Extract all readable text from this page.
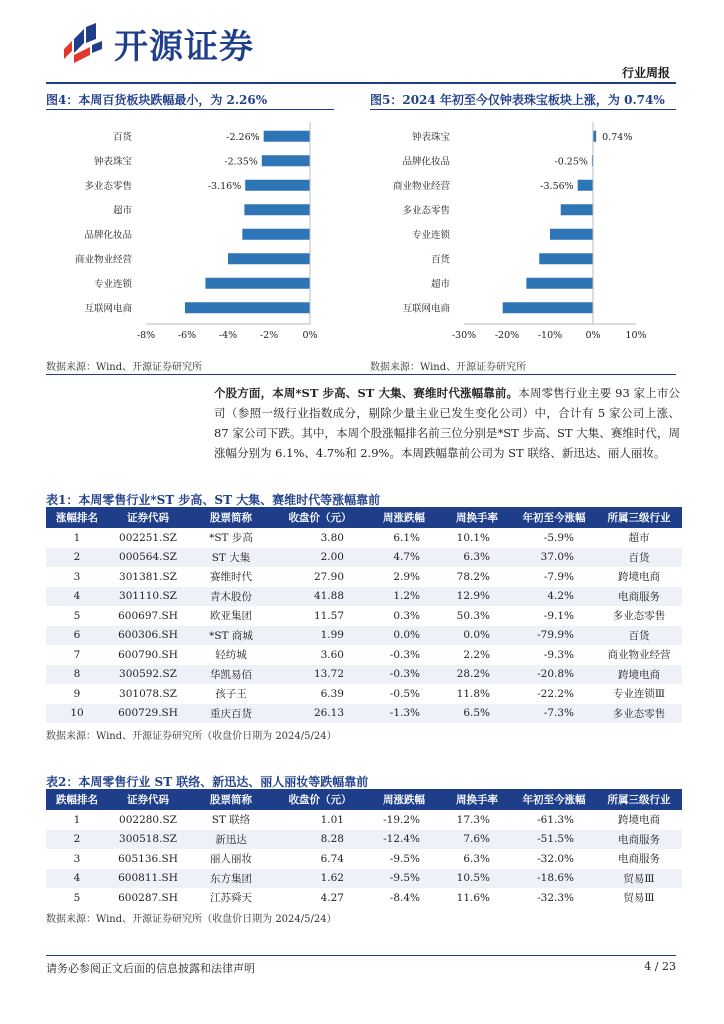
开源证券
行业周报
图4：本周百货板块跌幅最小，为 2.26%
百货	-2.26%
钟表珠宝	-2.35%
多业态零售	-3.16%
超市
品牌化妆品
商业物业经营
专业连锁
互联网电商
-8% -6% -4% -2%	0%
数据来源：Wind、开源证券研究所
图5：2024 年初至今仅钟表珠宝板块上涨，为 0.74%
钟表珠宝	0.74%
品牌化妆品	-0.25%
商业物业经营	-3.56%
多业态零售
专业连锁
百货
超市
互联网电商
-30% -20% -10% 0%	10%
数据来源：Wind、开源证券研究所
个股方面，本周*ST 步高、ST 大集、赛维时代涨幅靠前。本周零售行业主要 93 家上市公司（参照一级行业指数成分，剔除少量主业已发生变化公司）中，合计有 5 家公司上涨、87 家公司下跌。其中，本周个股涨幅排名前三位分别是*ST 步高、ST 大集、赛维时代，周涨幅分别为 6.1%、4.7%和 2.9%。本周跌幅靠前公司为 ST 联络、新迅达、丽人丽妆。
表1：本周零售行业*ST 步高、ST 大集、赛维时代等涨幅靠前
涨幅排名	证券代码	股票简称	收盘价（元）	周涨跌幅	周换手率	年初至今涨幅	所属三级行业
1	002251.SZ	*ST 步高	3.80	6.1%	10.1%	-5.9%	超市
2	000564.SZ	ST 大集	2.00	4.7%	6.3%	37.0%	百货
3	301381.SZ	赛维时代	27.90	2.9%	78.2%	-7.9%	跨境电商
4	301110.SZ	青木股份	41.88	1.2%	12.9%	4.2%	电商服务
5	600697.SH	欧亚集团	11.57	0.3%	50.3%	-9.1%	多业态零售
6	600306.SH	*ST 商城	1.99	0.0%	0.0%	-79.9%	百货
7	600790.SH	轻纺城	3.60	-0.3%	2.2%	-9.3%	商业物业经营
8	300592.SZ	华凯易佰	13.72	-0.3%	28.2%	-20.8%	跨境电商
9	301078.SZ	孩子王	6.39	-0.5%	11.8%	-22.2%	专业连锁Ⅲ
10	600729.SH	重庆百货	26.13	-1.3%	6.5%	-7.3%	多业态零售
数据来源：Wind、开源证券研究所（收盘价日期为 2024/5/24）
表2：本周零售行业 ST 联络、新迅达、丽人丽妆等跌幅靠前
跌幅排名	证券代码	股票简称	收盘价（元）	周涨跌幅	周换手率	年初至今涨幅	所属三级行业
1	002280.SZ	ST 联络	1.01	-19.2%	17.3%	-61.3%	跨境电商
2	300518.SZ	新迅达	8.28	-12.4%	7.6%	-51.5%	电商服务
3	605136.SH	丽人丽妆	6.74	-9.5%	6.3%	-32.0%	电商服务
4	600811.SH	东方集团	1.62	-9.5%	10.5%	-18.6%	贸易Ⅲ
5	600287.SH	江苏舜天	4.27	-8.4%	11.6%	-32.3%	贸易Ⅲ
数据来源：Wind、开源证券研究所（收盘价日期为 2024/5/24）
请务必参阅正文后面的信息披露和法律声明	4 / 23
